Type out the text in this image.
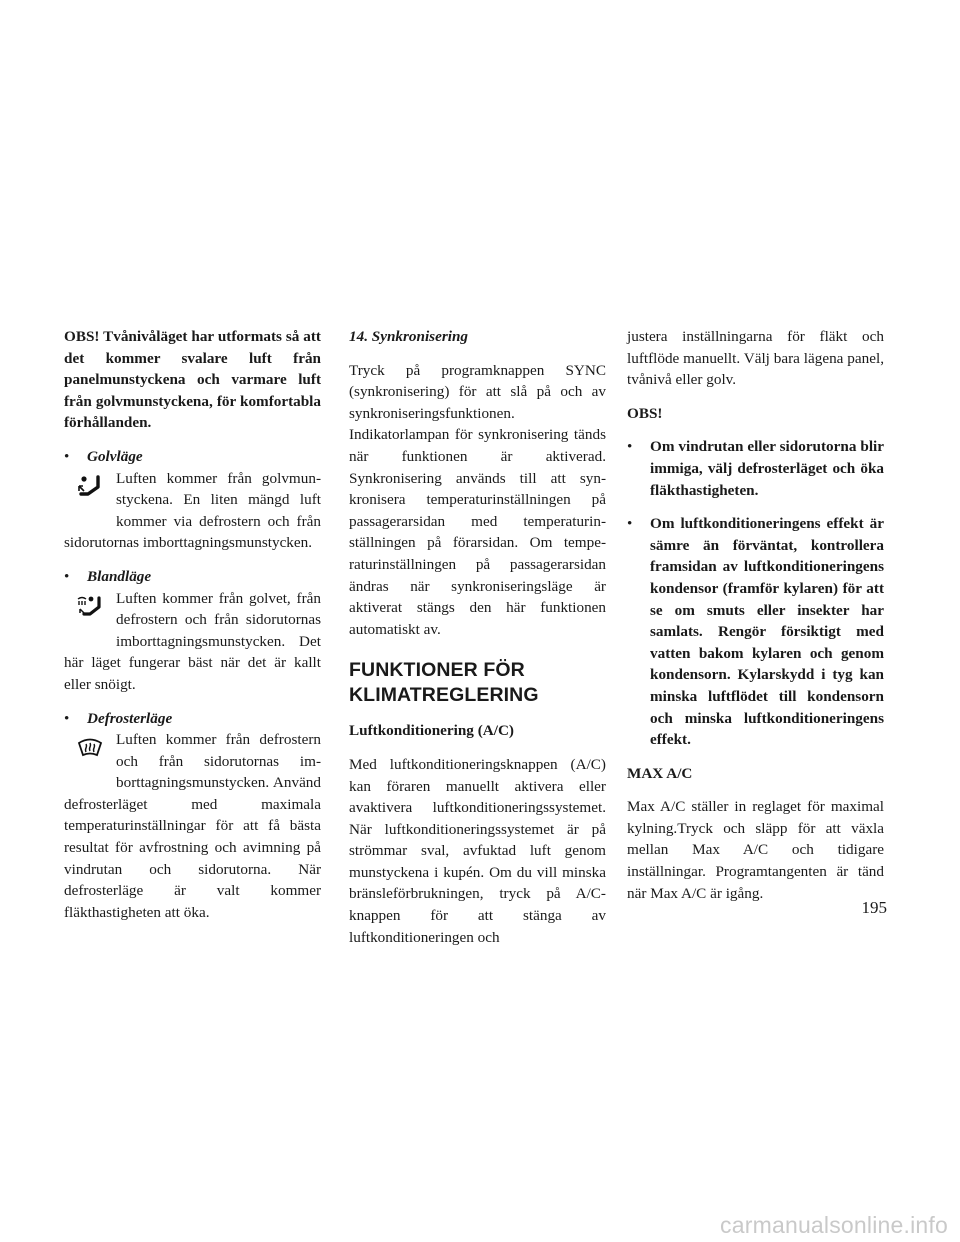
OBS! Tvånivåläget har utformats så att det kommer svalare luft från panelmunstyckena och varmare luft från golvmunstyckena, för komfortabla förhållanden.

•	Golvläge
Luften kommer från golvmunstyckena. En liten mängd luft kommer via defrostern och från sidorutornas imborttagningsmunstycken.
•	Blandläge
Luften kommer från golvet, från defrostern och från sidorutornas imborttagningsmunstycken. Det här läget fungerar bäst när det är kallt eller snöigt.
•	Defrosterläge
Luften kommer från defrostern och från sidorutornas imborttagningsmunstycken. Använd defrosterläget med maximala temperaturinställningar för att få bästa resultat för avfrostning och avimning på vindrutan och sidorutorna. När defrosterläge är valt kommer fläkthastigheten att öka.

14. Synkronisering

Tryck på programknappen SYNC (synkronisering) för att slå på och av synkroniseringsfunktionen. Indikatorlampan för synkronisering tänds när funktionen är aktiverad. Synkronisering används till att synkronisera temperaturinställningen på passagerarsidan med temperaturinställningen på förarsidan. Om temperaturinställningen på passagerarsidan ändras när synkroniseringsläge är aktiverat stängs den här funktionen automatiskt av.

FUNKTIONER FÖR KLIMATREGLERING

Luftkonditionering (A/C)

Med luftkonditioneringsknappen (A/C) kan föraren manuellt aktivera eller avaktivera luftkonditioneringssystemet. När luftkonditioneringssystemet är på strömmar sval, avfuktad luft genom munstyckena i kupén. Om du vill minska bränsleförbrukningen, tryck på A/C-knappen för att stänga av luftkonditioneringen och

justera inställningarna för fläkt och luftflöde manuellt. Välj bara lägena panel, tvånivå eller golv.

OBS!

•	Om vindrutan eller sidorutorna blir immiga, välj defrosterläget och öka fläkthastigheten.
•	Om luftkonditioneringens effekt är sämre än förväntat, kontrollera framsidan av luftkonditioneringens kondensor (framför kylaren) för att se om smuts eller insekter har samlats. Rengör försiktigt med vatten bakom kylaren och genom kondensorn. Kylarskydd i tyg kan minska luftflödet till kondensorn och minska luftkonditioneringens effekt.

MAX A/C

Max A/C ställer in reglaget för maximal kylning.Tryck och släpp för att växla mellan Max A/C och tidigare inställningar. Programtangenten är tänd när Max A/C är igång.

195
carmanualsonline.info
